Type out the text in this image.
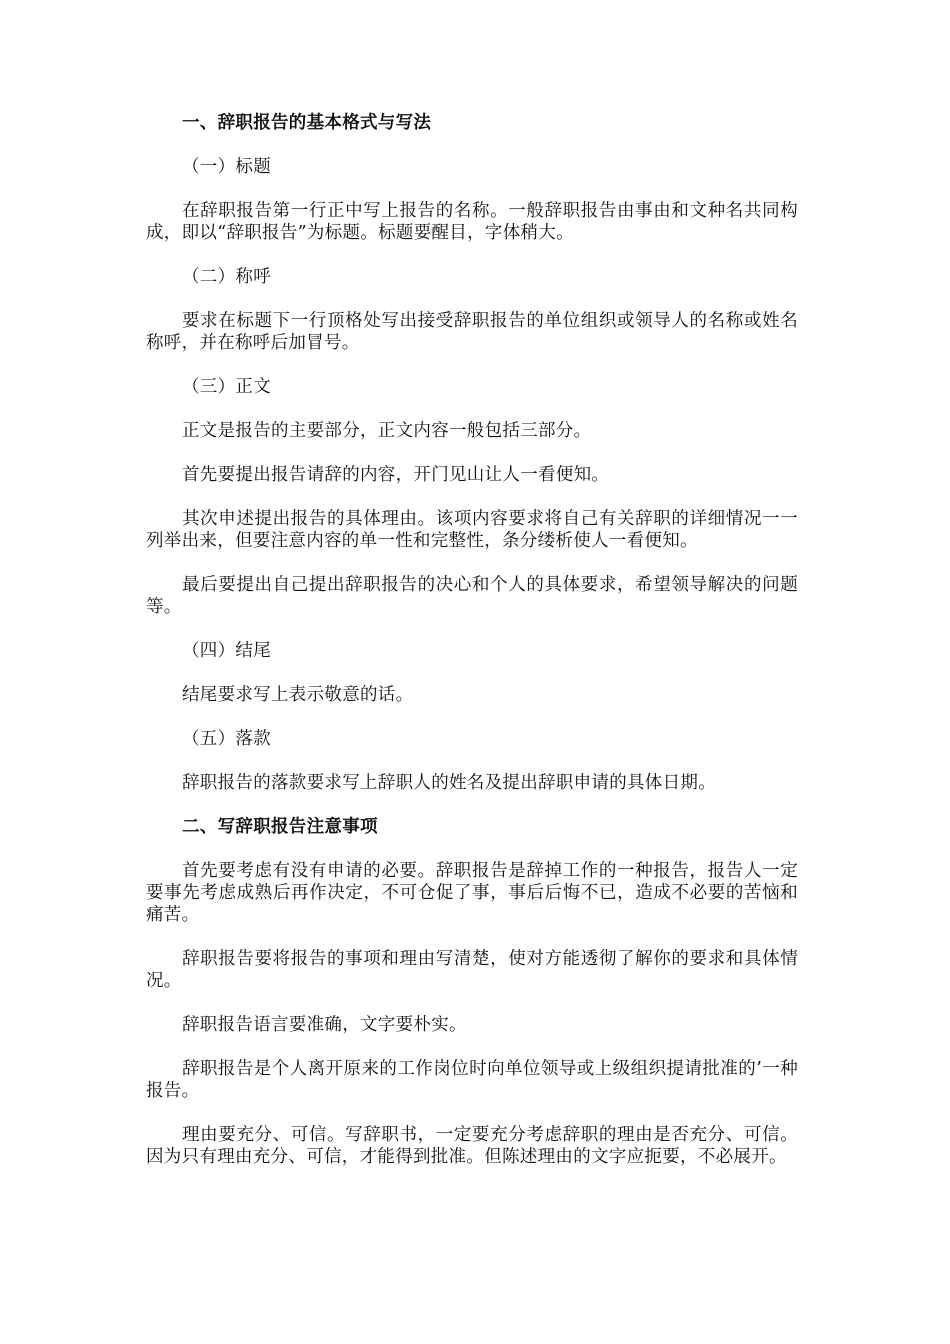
一、辞职报告的基本格式与写法

（一）标题

在辞职报告第一行正中写上报告的名称。一般辞职报告由事由和文种名共同构成，即以“辞职报告”为标题。标题要醒目，字体稍大。

（二）称呼

要求在标题下一行顶格处写出接受辞职报告的单位组织或领导人的名称或姓名称呼，并在称呼后加冒号。

（三）正文

正文是报告的主要部分，正文内容一般包括三部分。

首先要提出报告请辞的内容，开门见山让人一看便知。

其次申述提出报告的具体理由。该项内容要求将自己有关辞职的详细情况一一列举出来，但要注意内容的单一性和完整性，条分缕析使人一看便知。

最后要提出自己提出辞职报告的决心和个人的具体要求，希望领导解决的问题等。

（四）结尾

结尾要求写上表示敬意的话。

（五）落款

辞职报告的落款要求写上辞职人的姓名及提出辞职申请的具体日期。

二、写辞职报告注意事项

首先要考虑有没有申请的必要。辞职报告是辞掉工作的一种报告，报告人一定要事先考虑成熟后再作决定，不可仓促了事，事后后悔不已，造成不必要的苦恼和痛苦。

辞职报告要将报告的事项和理由写清楚，使对方能透彻了解你的要求和具体情况。

辞职报告语言要准确，文字要朴实。

辞职报告是个人离开原来的工作岗位时向单位领导或上级组织提请批准的’一种报告。

理由要充分、可信。写辞职书，一定要充分考虑辞职的理由是否充分、可信。因为只有理由充分、可信，才能得到批准。但陈述理由的文字应扼要，不必展开。
